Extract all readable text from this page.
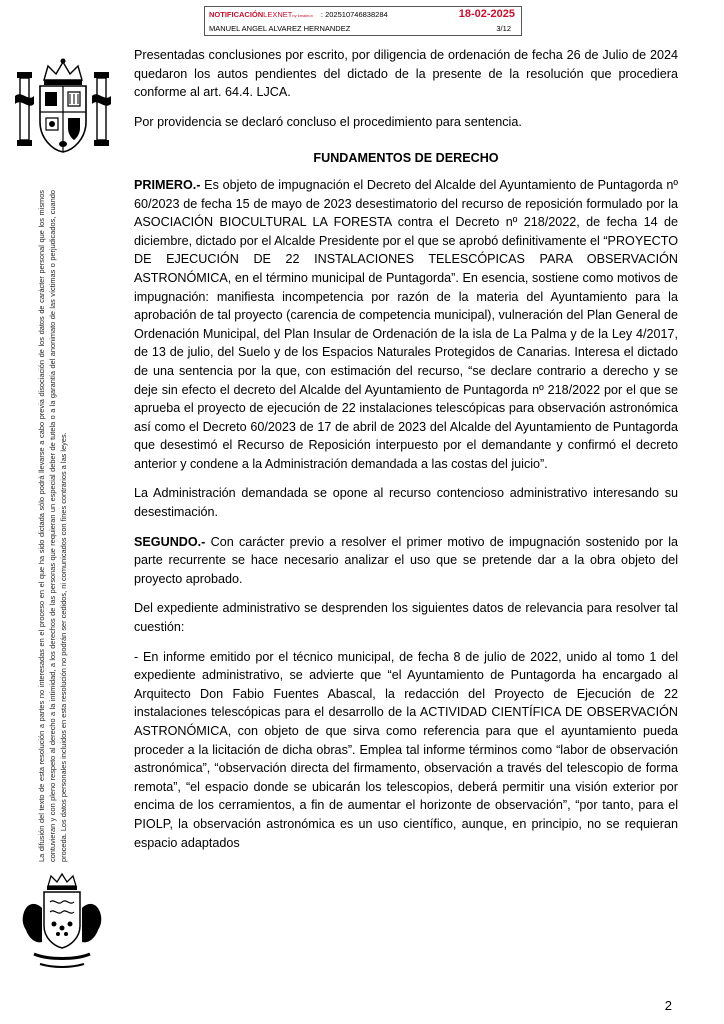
NOTIFICACIÓNLEXNETby kmaleon : 202510746838284	18-02-2025
MANUEL ANGEL ALVAREZ HERNANDEZ	3/12
La difusión del texto de esta resolución a partes no interesadas en el proceso en el que ha sido dictada sólo podrá llevarse a cabo previa disociación de los datos de carácter personal que los mismos contuvieran y con pleno respeto al derecho a la intimidad, a los derechos de las personas que requieran un especial deber de tutela o a la garantía del anonimato de las víctimas o perjudicados, cuando proceda. Los datos personales incluidos en esta resolución no podrán ser cedidos, ni comunicados con fines contrarios a las leyes.

Presentadas conclusiones por escrito, por diligencia de ordenación de fecha 26 de Julio de 2024 quedaron los autos pendientes del dictado de la presente de la resolución que procediera conforme al art. 64.4. LJCA.

Por providencia se declaró concluso el procedimiento para sentencia.

FUNDAMENTOS DE DERECHO

PRIMERO.- Es objeto de impugnación el Decreto del Alcalde del Ayuntamiento de Puntagorda nº 60/2023 de fecha 15 de mayo de 2023 desestimatorio del recurso de reposición formulado por la ASOCIACIÓN BIOCULTURAL LA FORESTA contra el Decreto nº 218/2022, de fecha 14 de diciembre, dictado por el Alcalde Presidente por el que se aprobó definitivamente el “PROYECTO DE EJECUCIÓN DE 22 INSTALACIONES TELESCÓPICAS PARA OBSERVACIÓN ASTRONÓMICA, en el término municipal de Puntagorda”. En esencia, sostiene como motivos de impugnación: manifiesta incompetencia por razón de la materia del Ayuntamiento para la aprobación de tal proyecto (carencia de competencia municipal), vulneración del Plan General de Ordenación Municipal, del Plan Insular de Ordenación de la isla de La Palma y de la Ley 4/2017, de 13 de julio, del Suelo y de los Espacios Naturales Protegidos de Canarias. Interesa el dictado de una sentencia por la que, con estimación del recurso, “se declare contrario a derecho y se deje sin efecto el decreto del Alcalde del Ayuntamiento de Puntagorda nº 218/2022 por el que se aprueba el proyecto de ejecución de 22 instalaciones telescópicas para observación astronómica así como el Decreto 60/2023 de 17 de abril de 2023 del Alcalde del Ayuntamiento de Puntagorda que desestimó el Recurso de Reposición interpuesto por el demandante y confirmó el decreto anterior y condene a la Administración demandada a las costas del juicio”.

La Administración demandada se opone al recurso contencioso administrativo interesando su desestimación.

SEGUNDO.- Con carácter previo a resolver el primer motivo de impugnación sostenido por la parte recurrente se hace necesario analizar el uso que se pretende dar a la obra objeto del proyecto aprobado.

Del expediente administrativo se desprenden los siguientes datos de relevancia para resolver tal cuestión:

- En informe emitido por el técnico municipal, de fecha 8 de julio de 2022, unido al tomo 1 del expediente administrativo, se advierte que “el Ayuntamiento de Puntagorda ha encargado al Arquitecto Don Fabio Fuentes Abascal, la redacción del Proyecto de Ejecución de 22 instalaciones telescópicas para el desarrollo de la ACTIVIDAD CIENTÍFICA DE OBSERVACIÓN ASTRONÓMICA, con objeto de que sirva como referencia para que el ayuntamiento pueda proceder a la licitación de dicha obras”. Emplea tal informe términos como “labor de observación astronómica”, “observación directa del firmamento, observación a través del telescopio de forma remota”, “el espacio donde se ubicarán los telescopios, deberá permitir una visión exterior por encima de los cerramientos, a fin de aumentar el horizonte de observación”, “por tanto, para el PIOLP, la observación astronómica es un uso científico, aunque, en principio, no se requieran espacio adaptados

2
